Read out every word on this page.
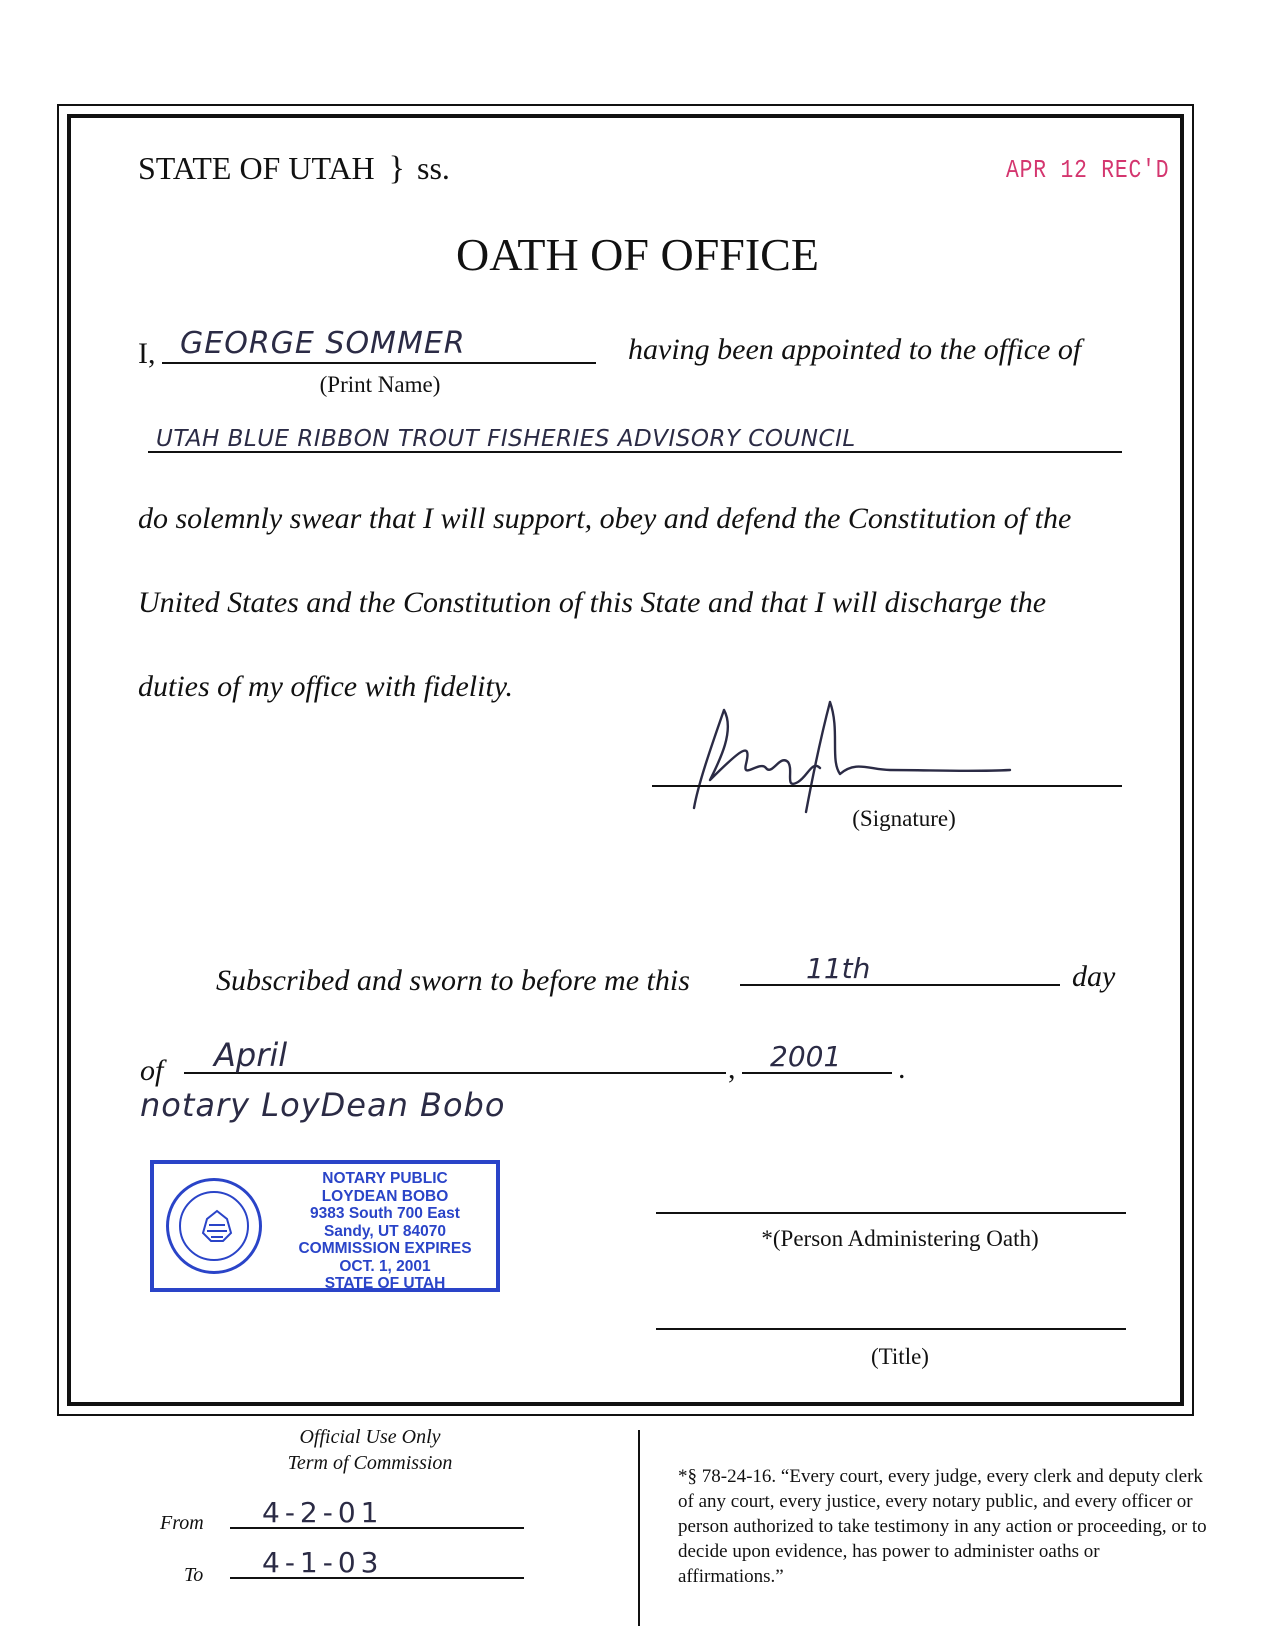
STATE OF UTAH } ss.	APR 12 REC'D
OATH OF OFFICE
I, GEORGE SOMMER
(Print Name)
having been appointed to the office of
UTAH BLUE RIBBON TROUT FISHERIES ADVISORY COUNCIL
do solemnly swear that I will support, obey and defend the Constitution of the
United States and the Constitution of this State and that I will discharge the
duties of my office with fidelity.
(Signature)
Subscribed and sworn to before me this	11th	day
of April	, 2001 .
notary LoyDean Bobo
NOTARY PUBLIC
LOYDEAN BOBO
9383 South 700 East
Sandy, UT 84070
COMMISSION EXPIRES
OCT. 1, 2001
STATE OF UTAH
*(Person Administering Oath)
(Title)
Official Use Only
Term of Commission
From 4-2-01
To 4-1-03
*§ 78-24-16. “Every court, every judge, every clerk and deputy clerk of any court, every justice, every notary public, and every officer or person authorized to take testimony in any action or proceeding, or to decide upon evidence, has power to administer oaths or affirmations.”
